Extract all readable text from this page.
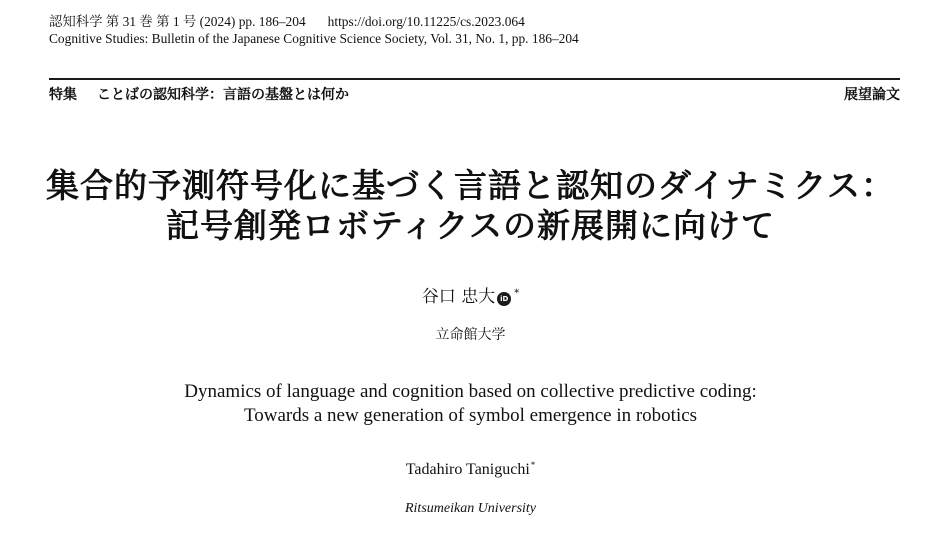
認知科学 第 31 巻 第 1 号 (2024) pp. 186–204 https://doi.org/10.11225/cs.2023.064
Cognitive Studies: Bulletin of the Japanese Cognitive Science Society, Vol. 31, No. 1, pp. 186–204
特集 ことばの認知科学：言語の基盤とは何か	展望論文
集合的予測符号化に基づく言語と認知のダイナミクス：
記号創発ロボティクスの新展開に向けて
谷口 忠大 iD *
立命館大学
Dynamics of language and cognition based on collective predictive coding:
Towards a new generation of symbol emergence in robotics
Tadahiro Taniguchi*
Ritsumeikan University
